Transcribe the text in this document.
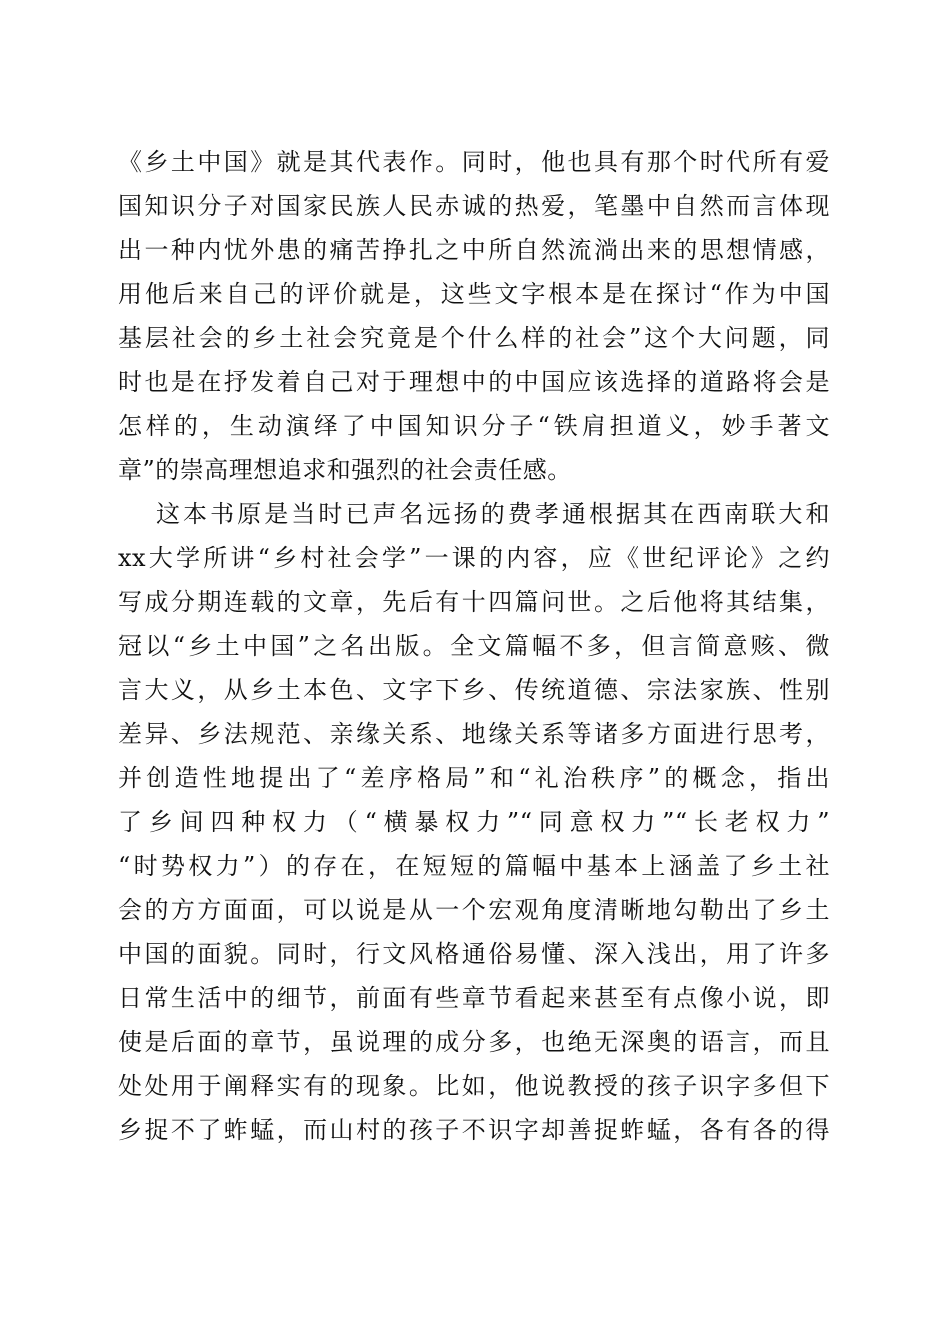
《乡土中国》就是其代表作。同时，他也具有那个时代所有爱
国知识分子对国家民族人民赤诚的热爱，笔墨中自然而言体现
出一种内忧外患的痛苦挣扎之中所自然流淌出来的思想情感，
用他后来自己的评价就是，这些文字根本是在探讨“作为中国
基层社会的乡土社会究竟是个什么样的社会”这个大问题，同
时也是在抒发着自己对于理想中的中国应该选择的道路将会是
怎样的，生动演绎了中国知识分子“铁肩担道义，妙手著文
章”的崇高理想追求和强烈的社会责任感。
这本书原是当时已声名远扬的费孝通根据其在西南联大和
xx大学所讲“乡村社会学”一课的内容，应《世纪评论》之约
写成分期连载的文章，先后有十四篇问世。之后他将其结集，
冠以“乡土中国”之名出版。全文篇幅不多，但言简意赅、微
言大义，从乡土本色、文字下乡、传统道德、宗法家族、性别
差异、乡法规范、亲缘关系、地缘关系等诸多方面进行思考，
并创造性地提出了“差序格局”和“礼治秩序”的概念，指出
了乡间四种权力（“横暴权力”“同意权力”“长老权力”
“时势权力”）的存在，在短短的篇幅中基本上涵盖了乡土社
会的方方面面，可以说是从一个宏观角度清晰地勾勒出了乡土
中国的面貌。同时，行文风格通俗易懂、深入浅出，用了许多
日常生活中的细节，前面有些章节看起来甚至有点像小说，即
使是后面的章节，虽说理的成分多，也绝无深奥的语言，而且
处处用于阐释实有的现象。比如，他说教授的孩子识字多但下
乡捉不了蚱蜢，而山村的孩子不识字却善捉蚱蜢，各有各的得
